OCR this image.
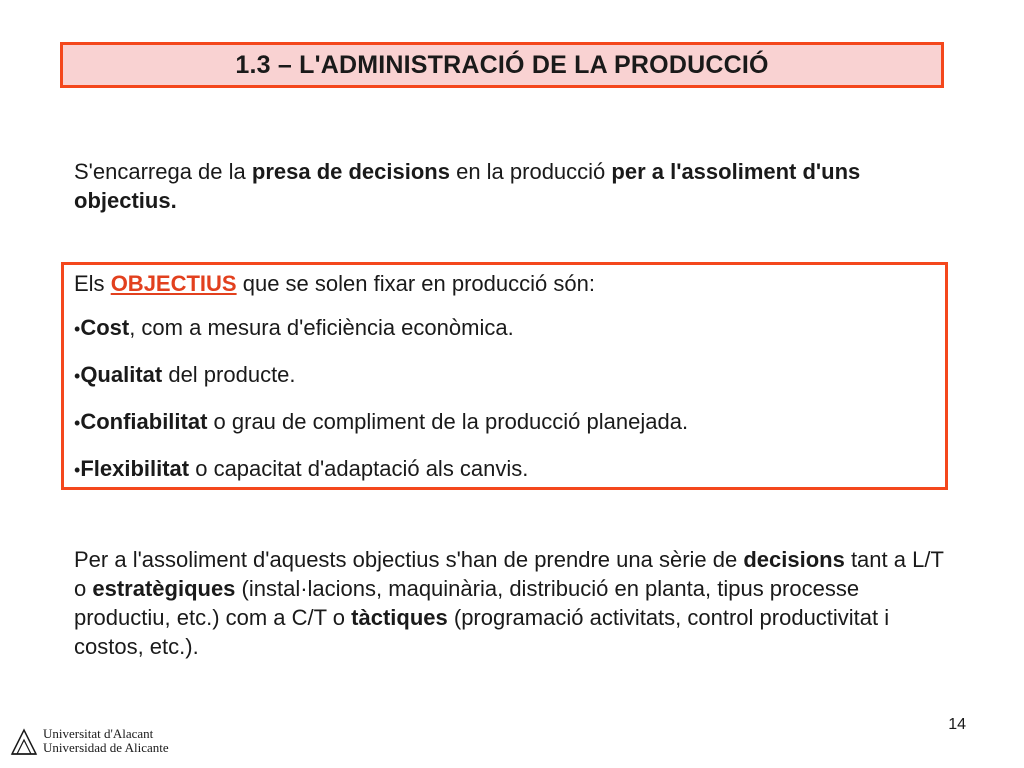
1.3 – L'ADMINISTRACIÓ DE LA PRODUCCIÓ
S'encarrega de la presa de decisions en la producció per a l'assoliment d'uns objectius.
Els OBJECTIUS que se solen fixar en producció són:
•Cost, com a mesura d'eficiència econòmica.
•Qualitat del producte.
•Confiabilitat o grau de compliment de la producció planejada.
•Flexibilitat o capacitat d'adaptació als canvis.
Per a l'assoliment d'aquests objectius s'han de prendre una sèrie de decisions tant a L/T o estratègiques (instal·lacions, maquinària, distribució en planta, tipus processe productiu, etc.) com a C/T o tàctiques (programació activitats, control productivitat i costos, etc.).
Universitat d'Alacant
Universidad de Alicante
14
